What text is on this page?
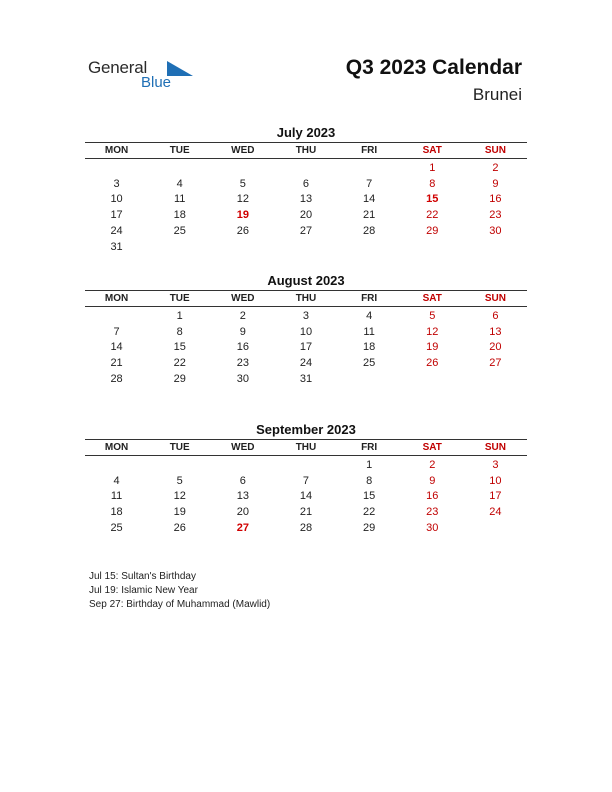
General
Blue
Q3 2023 Calendar
Brunei
July 2023
MON	TUE	WED	THU	FRI	SAT	SUN
					1	2
3	4	5	6	7	8	9
10	11	12	13	14	15	16
17	18	19	20	21	22	23
24	25	26	27	28	29	30
31						
August 2023
MON	TUE	WED	THU	FRI	SAT	SUN
	1	2	3	4	5	6
7	8	9	10	11	12	13
14	15	16	17	18	19	20
21	22	23	24	25	26	27
28	29	30	31			
September 2023
MON	TUE	WED	THU	FRI	SAT	SUN
				1	2	3
4	5	6	7	8	9	10
11	12	13	14	15	16	17
18	19	20	21	22	23	24
25	26	27	28	29	30	
Jul 15: Sultan's Birthday
Jul 19: Islamic New Year
Sep 27: Birthday of Muhammad (Mawlid)
